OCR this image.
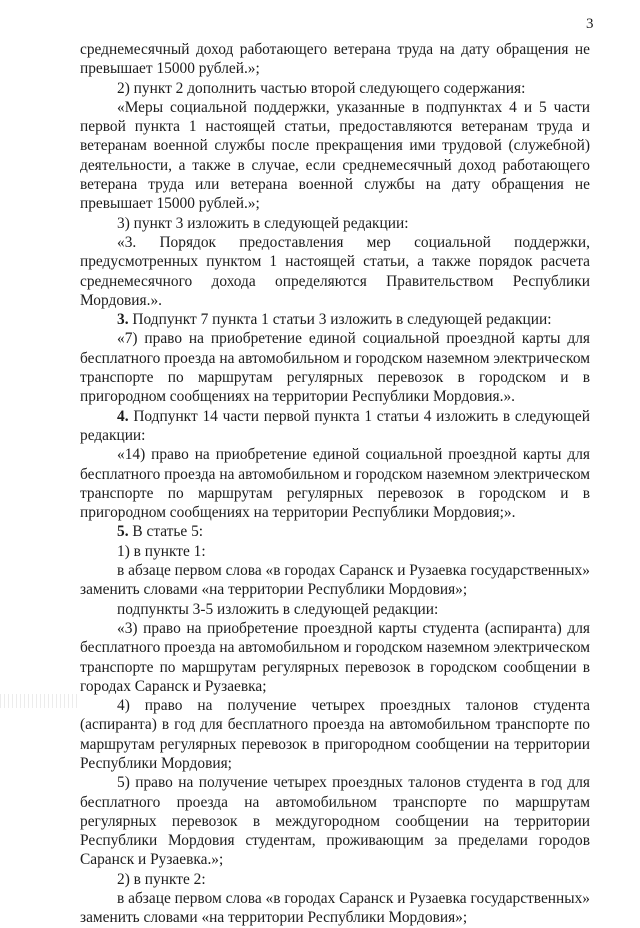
3

среднемесячный доход работающего ветерана труда на дату обращения не превышает 15000 рублей.»;

2) пункт 2 дополнить частью второй следующего содержания:

«Меры социальной поддержки, указанные в подпунктах 4 и 5 части первой пункта 1 настоящей статьи, предоставляются ветеранам труда и ветеранам военной службы после прекращения ими трудовой (служебной) деятельности, а также в случае, если среднемесячный доход работающего ветерана труда или ветерана военной службы на дату обращения не превышает 15000 рублей.»;

3) пункт 3 изложить в следующей редакции:

«3. Порядок предоставления мер социальной поддержки, предусмотренных пунктом 1 настоящей статьи, а также порядок расчета среднемесячного дохода определяются Правительством Республики Мордовия.».

3. Подпункт 7 пункта 1 статьи 3 изложить в следующей редакции:

«7) право на приобретение единой социальной проездной карты для бесплатного проезда на автомобильном и городском наземном электрическом транспорте по маршрутам регулярных перевозок в городском и в пригородном сообщениях на территории Республики Мордовия.».

4. Подпункт 14 части первой пункта 1 статьи 4 изложить в следующей редакции:

«14) право на приобретение единой социальной проездной карты для бесплатного проезда на автомобильном и городском наземном электрическом транспорте по маршрутам регулярных перевозок в городском и в пригородном сообщениях на территории Республики Мордовия;».

5. В статье 5:

1) в пункте 1:

в абзаце первом слова «в городах Саранск и Рузаевка государственных» заменить словами «на территории Республики Мордовия»;

подпункты 3-5 изложить в следующей редакции:

«3) право на приобретение проездной карты студента (аспиранта) для бесплатного проезда на автомобильном и городском наземном электрическом транспорте по маршрутам регулярных перевозок в городском сообщении в городах Саранск и Рузаевка;

4) право на получение четырех проездных талонов студента (аспиранта) в год для бесплатного проезда на автомобильном транспорте по маршрутам регулярных перевозок в пригородном сообщении на территории Республики Мордовия;

5) право на получение четырех проездных талонов студента в год для бесплатного проезда на автомобильном транспорте по маршрутам регулярных перевозок в междугородном сообщении на территории Республики Мордовия студентам, проживающим за пределами городов Саранск и Рузаевка.»;

2) в пункте 2:

в абзаце первом слова «в городах Саранск и Рузаевка государственных» заменить словами «на территории Республики Мордовия»;
